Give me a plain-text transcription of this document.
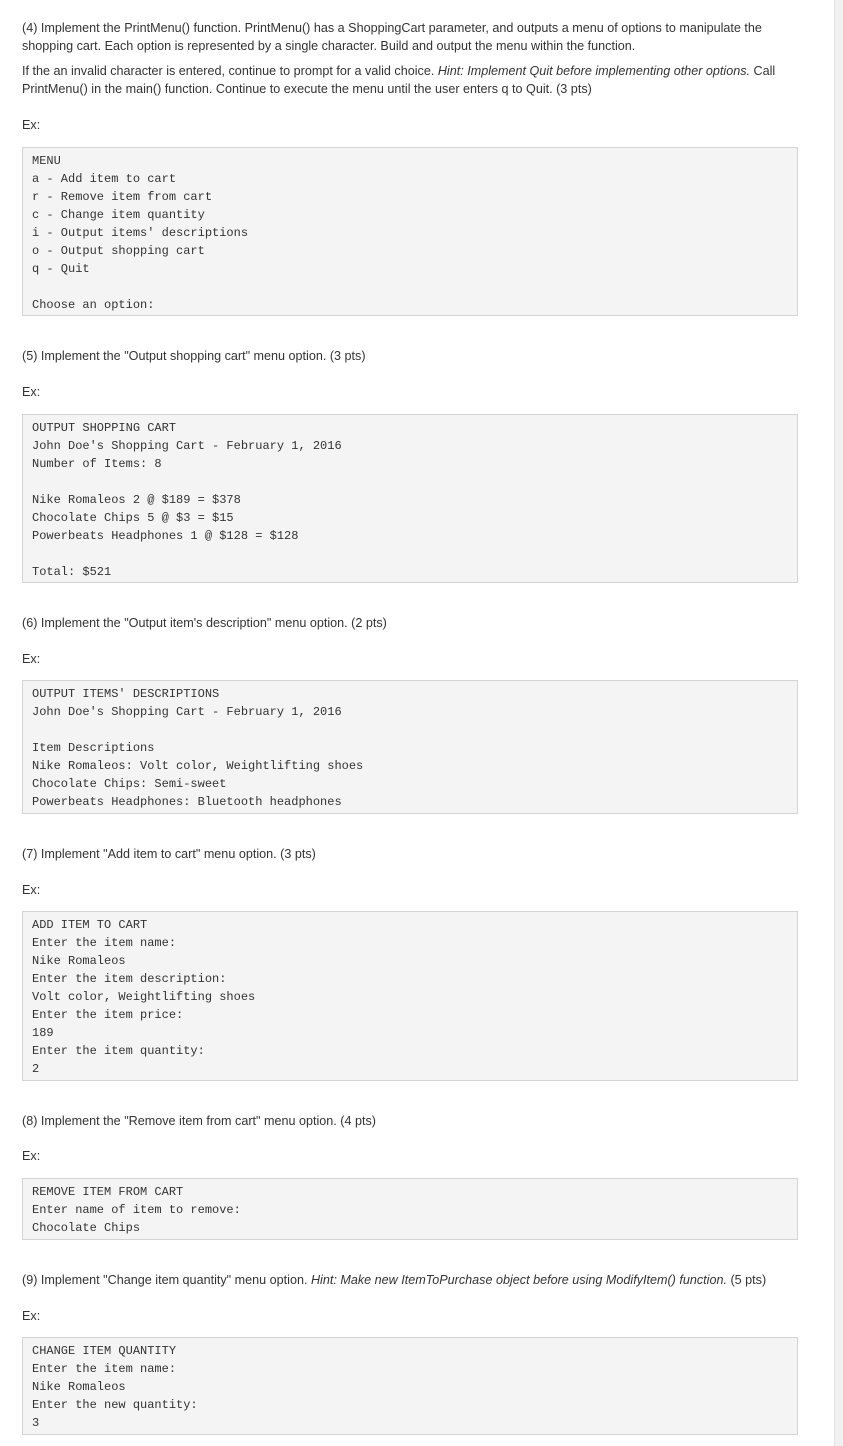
(4) Implement the PrintMenu() function. PrintMenu() has a ShoppingCart parameter, and outputs a menu of options to manipulate the shopping cart. Each option is represented by a single character. Build and output the menu within the function.

If the an invalid character is entered, continue to prompt for a valid choice. Hint: Implement Quit before implementing other options. Call PrintMenu() in the main() function. Continue to execute the menu until the user enters q to Quit. (3 pts)

Ex:
MENU
a - Add item to cart
r - Remove item from cart
c - Change item quantity
i - Output items' descriptions
o - Output shopping cart
q - Quit
Choose an option:

(5) Implement the "Output shopping cart" menu option. (3 pts)

Ex:
OUTPUT SHOPPING CART
John Doe's Shopping Cart - February 1, 2016
Number of Items: 8
Nike Romaleos 2 @ $189 = $378
Chocolate Chips 5 @ $3 = $15
Powerbeats Headphones 1 @ $128 = $128
Total: $521

(6) Implement the "Output item's description" menu option. (2 pts)

Ex:
OUTPUT ITEMS' DESCRIPTIONS
John Doe's Shopping Cart - February 1, 2016
Item Descriptions
Nike Romaleos: Volt color, Weightlifting shoes
Chocolate Chips: Semi-sweet
Powerbeats Headphones: Bluetooth headphones

(7) Implement "Add item to cart" menu option. (3 pts)

Ex:
ADD ITEM TO CART
Enter the item name:
Nike Romaleos
Enter the item description:
Volt color, Weightlifting shoes
Enter the item price:
189
Enter the item quantity:
2

(8) Implement the "Remove item from cart" menu option. (4 pts)

Ex:
REMOVE ITEM FROM CART
Enter name of item to remove:
Chocolate Chips

(9) Implement "Change item quantity" menu option. Hint: Make new ItemToPurchase object before using ModifyItem() function. (5 pts)

Ex:
CHANGE ITEM QUANTITY
Enter the item name:
Nike Romaleos
Enter the new quantity:
3
